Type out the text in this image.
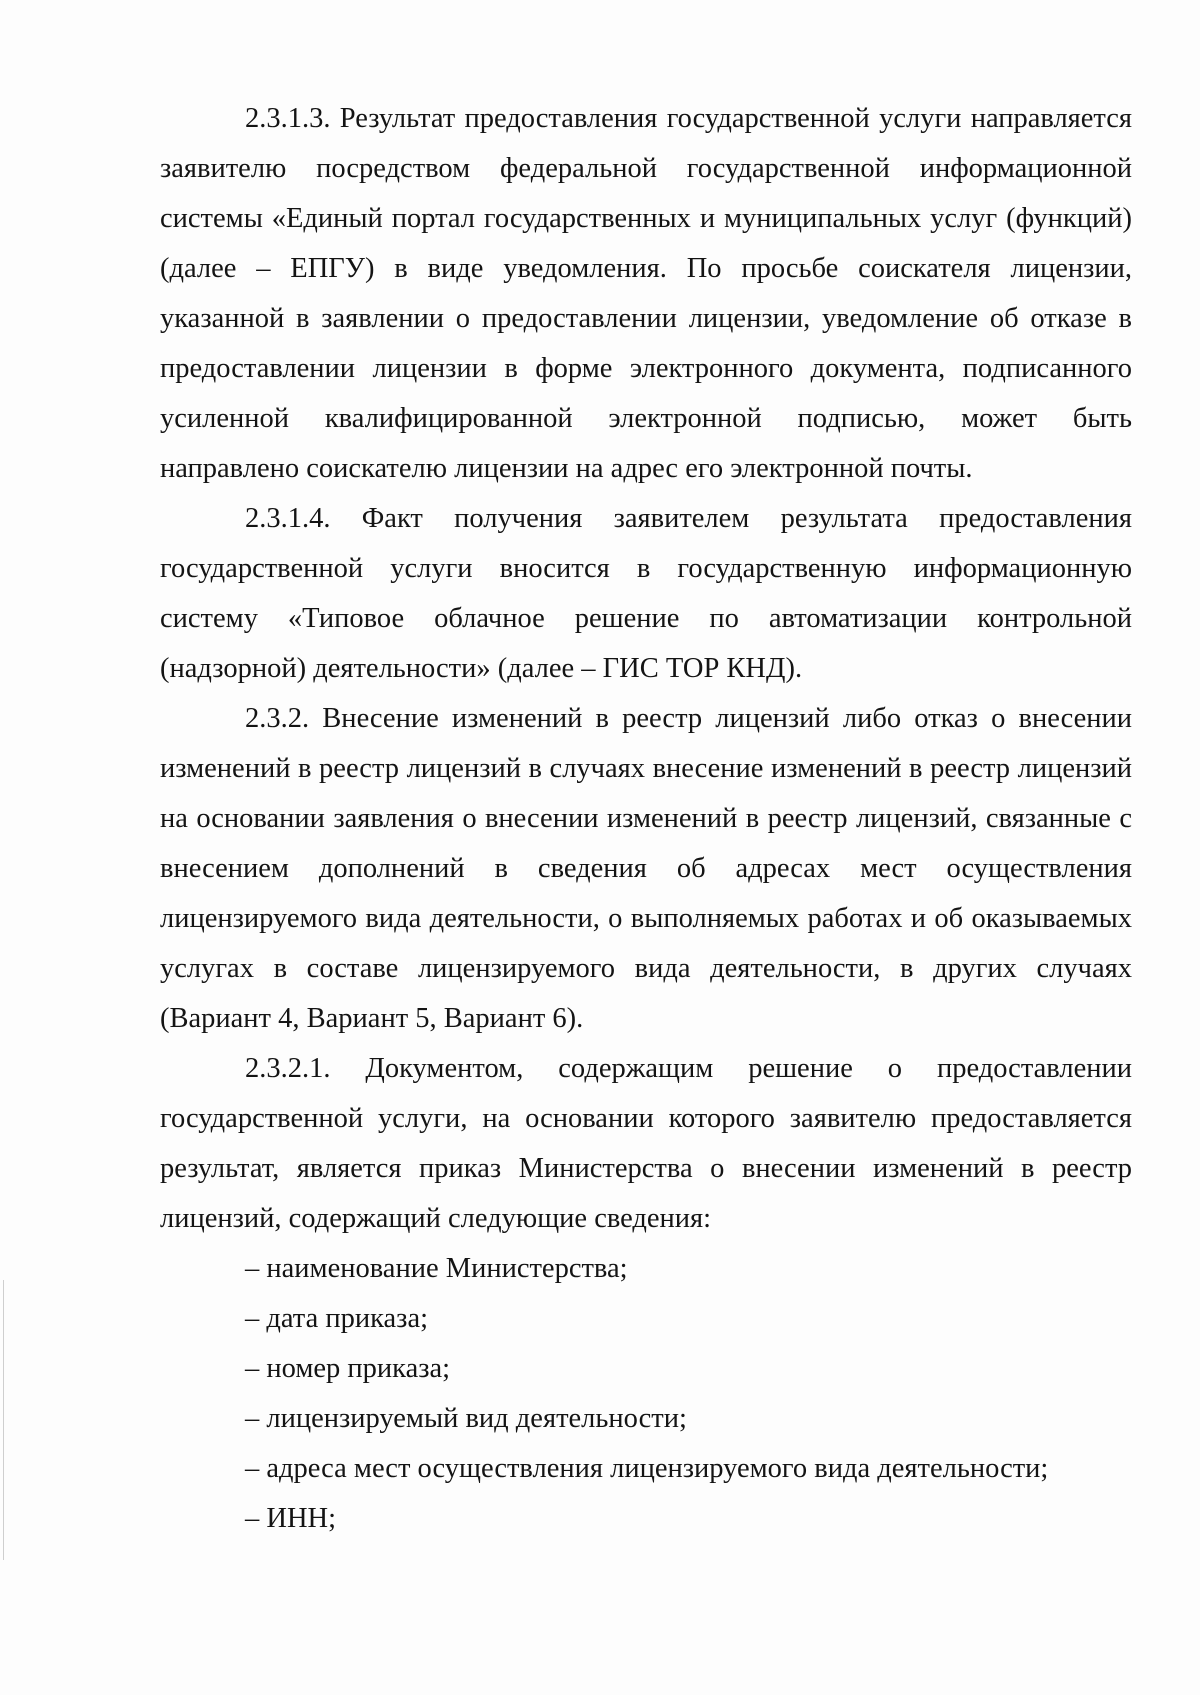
2.3.1.3. Результат предоставления государственной услуги направляется заявителю посредством федеральной государственной информационной системы «Единый портал государственных и муниципальных услуг (функций) (далее – ЕПГУ) в виде уведомления. По просьбе соискателя лицензии, указанной в заявлении о предоставлении лицензии, уведомление об отказе в предоставлении лицензии в форме электронного документа, подписанного усиленной квалифицированной электронной подписью, может быть направлено соискателю лицензии на адрес его электронной почты.

2.3.1.4. Факт получения заявителем результата предоставления государственной услуги вносится в государственную информационную систему «Типовое облачное решение по автоматизации контрольной (надзорной) деятельности» (далее – ГИС ТОР КНД).

2.3.2. Внесение изменений в реестр лицензий либо отказ о внесении изменений в реестр лицензий в случаях внесение изменений в реестр лицензий на основании заявления о внесении изменений в реестр лицензий, связанные с внесением дополнений в сведения об адресах мест осуществления лицензируемого вида деятельности, о выполняемых работах и об оказываемых услугах в составе лицензируемого вида деятельности, в других случаях (Вариант 4, Вариант 5, Вариант 6).

2.3.2.1. Документом, содержащим решение о предоставлении государственной услуги, на основании которого заявителю предоставляется результат, является приказ Министерства о внесении изменений в реестр лицензий, содержащий следующие сведения:

– наименование Министерства;

– дата приказа;

– номер приказа;

– лицензируемый вид деятельности;

– адреса мест осуществления лицензируемого вида деятельности;

– ИНН;
